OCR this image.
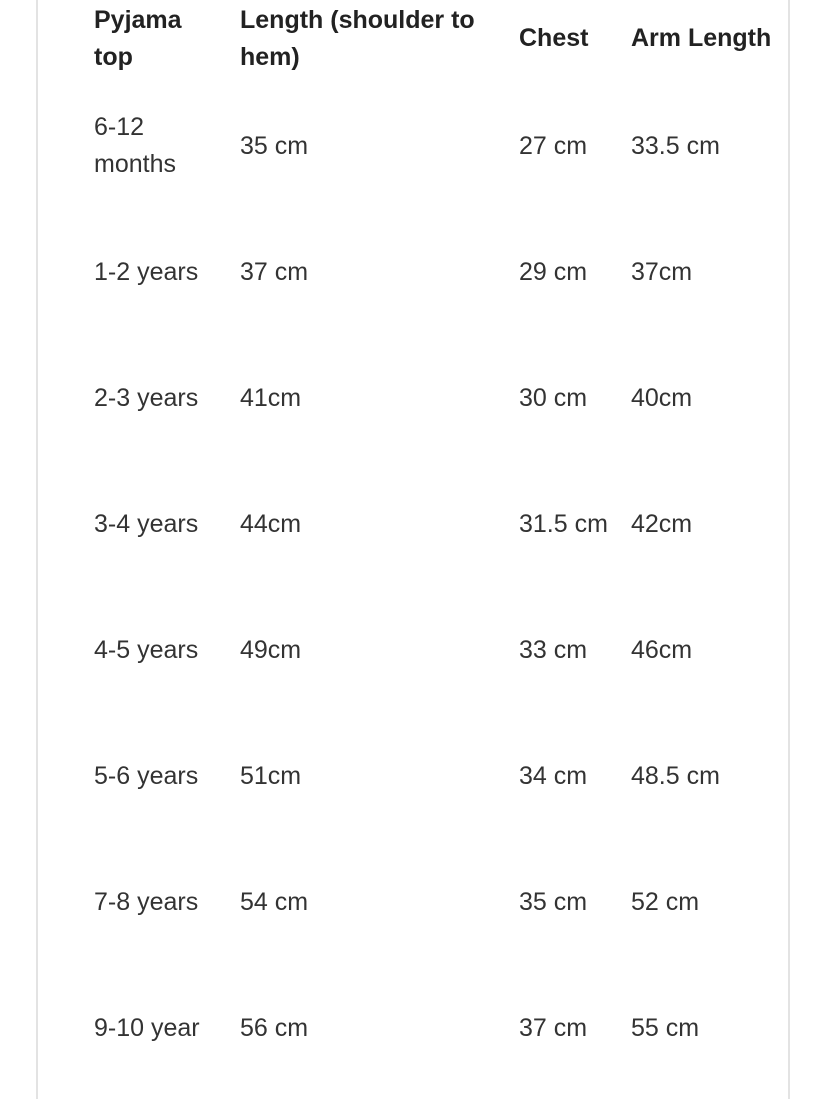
Pyjama top	Length (shoulder to hem)	Chest	Arm Length

6-12 months	35 cm	27 cm	33.5 cm
1-2 years	37 cm	29 cm	37cm
2-3 years	41cm	30 cm	40cm
3-4 years	44cm	31.5 cm	42cm
4-5 years	49cm	33 cm	46cm
5-6 years	51cm	34 cm	48.5 cm
7-8 years	54 cm	35 cm	52 cm
9-10 year	56 cm	37 cm	55 cm
